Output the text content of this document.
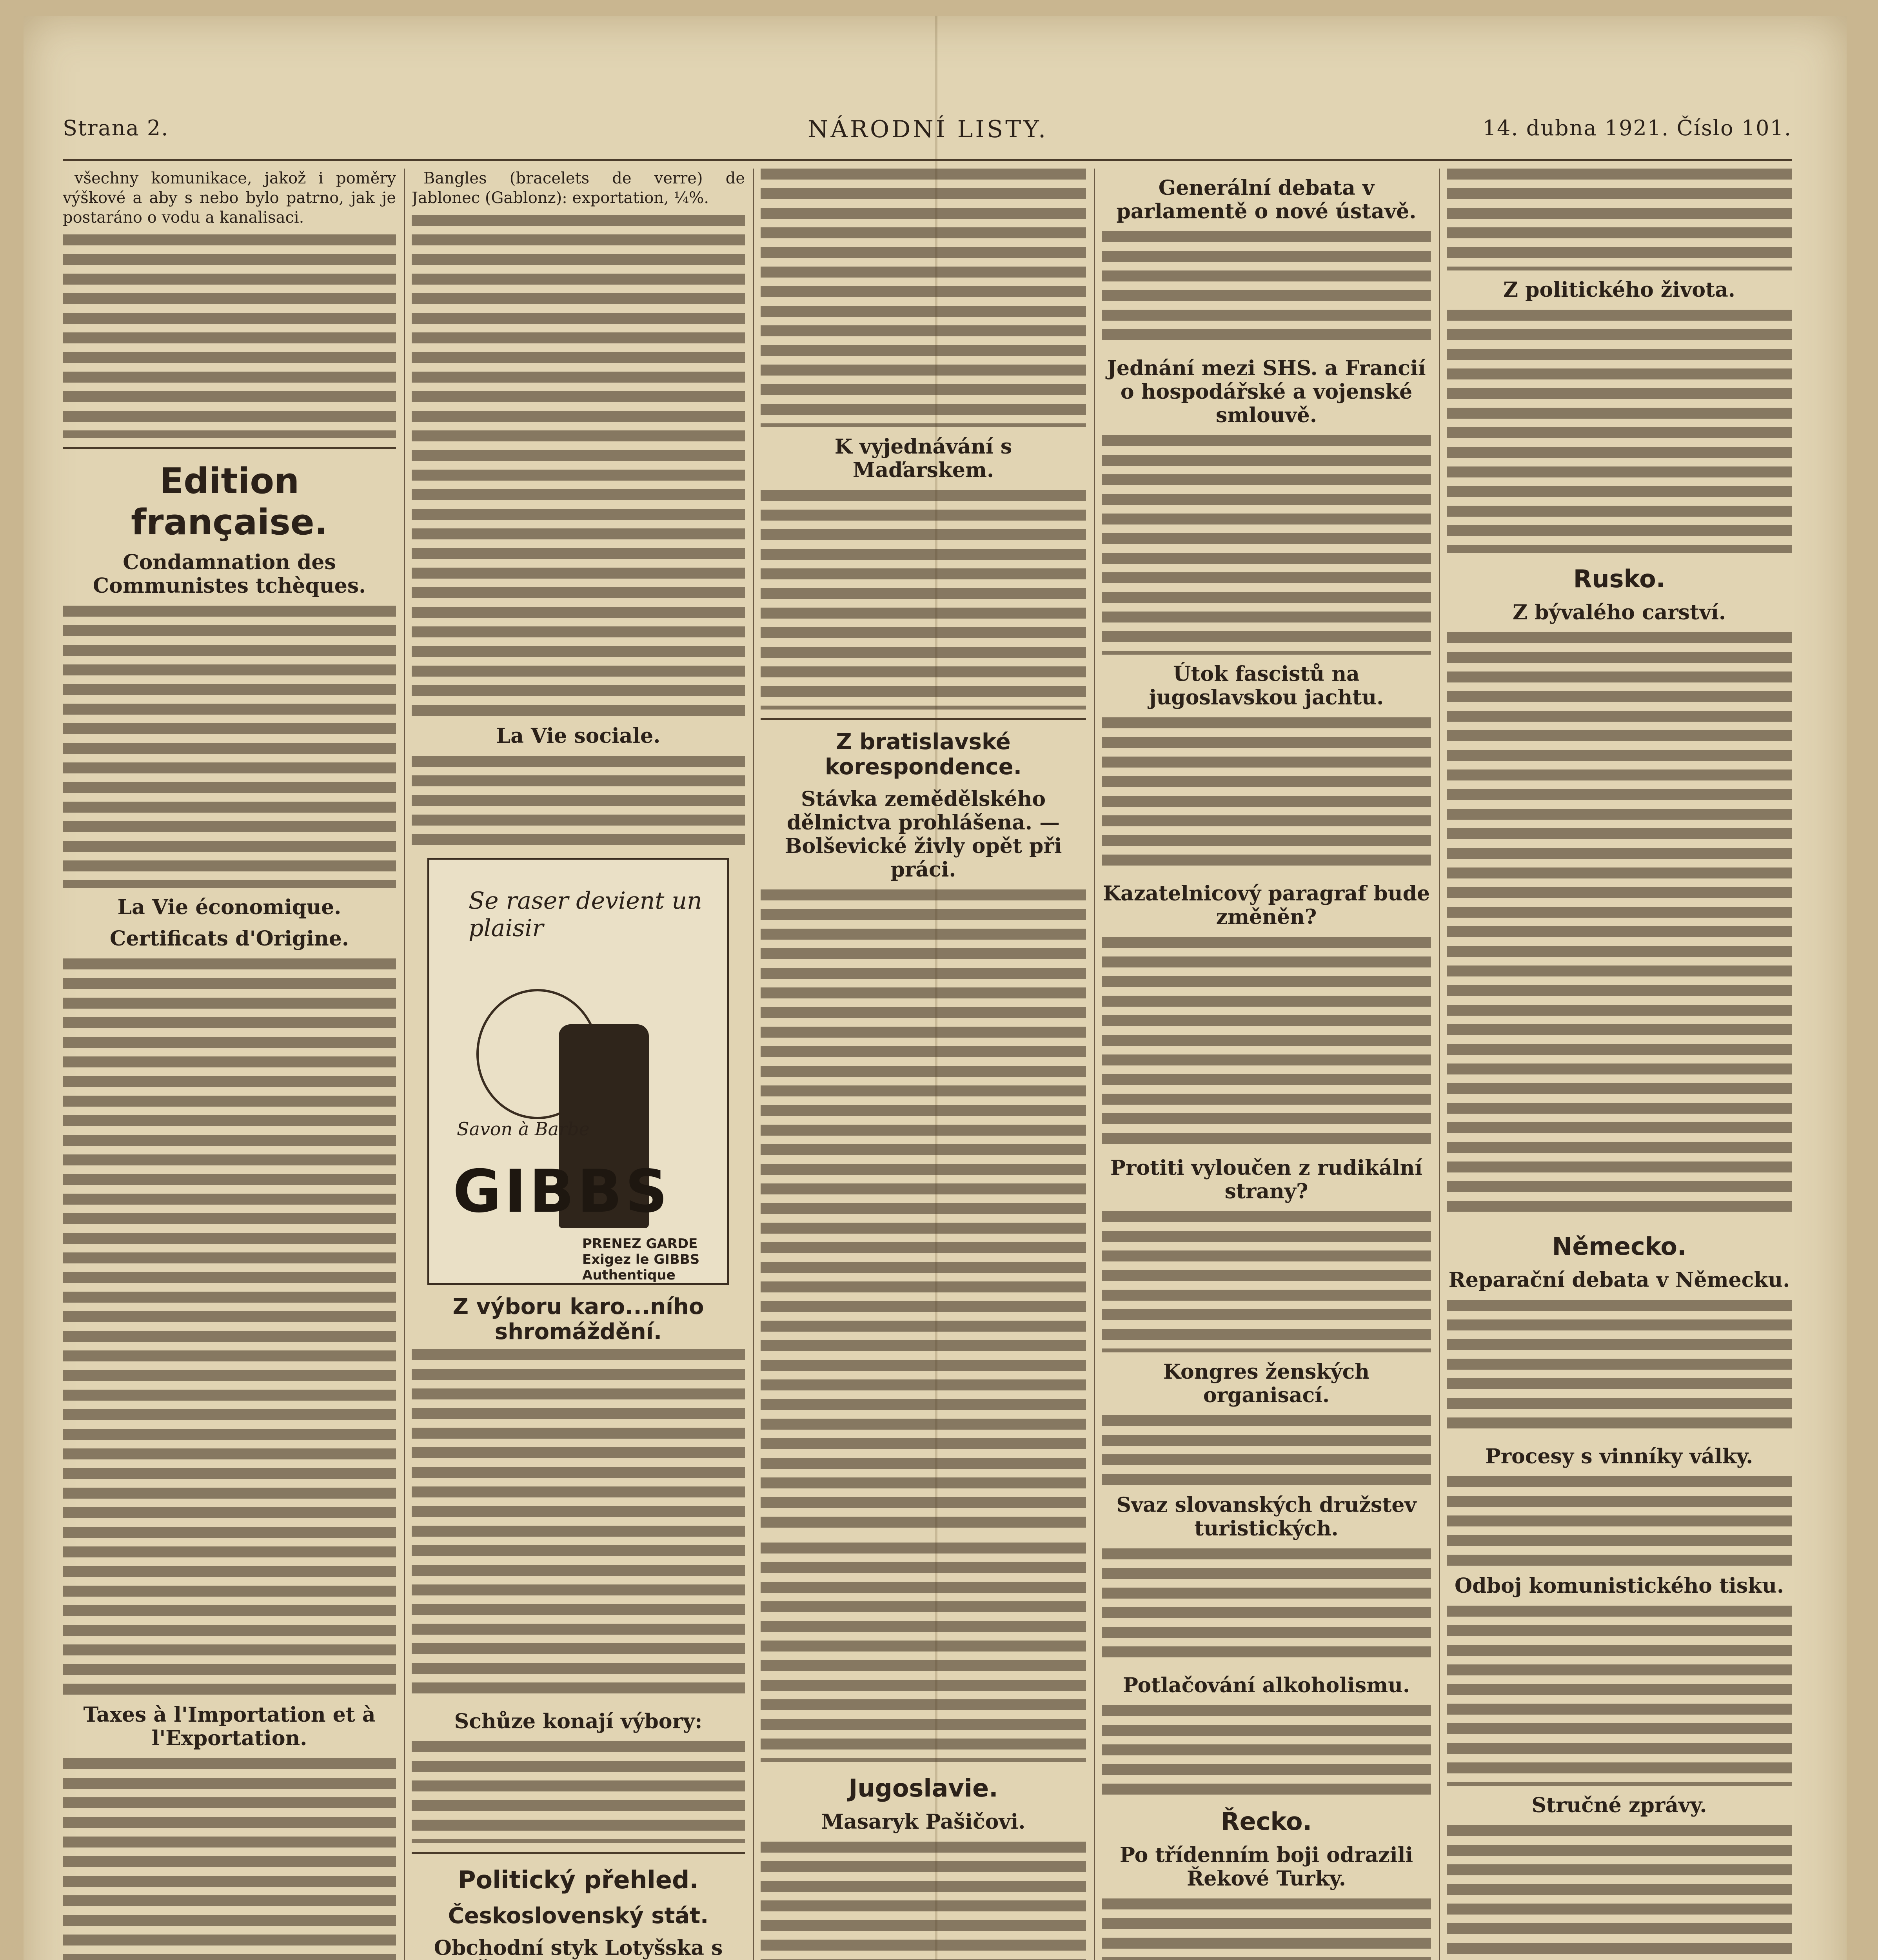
Strana 2.	NÁRODNÍ LISTY.	14. dubna 1921. Číslo 101.

všechny komunikace, jakož i poměry výškové a aby s nebo bylo patrno, jak je postaráno o vodu a kanalisaci.

Edition française.
Condamnation des Communistes tchèques.
La Vie économique.
Certificats d'Origine.
Taxes à l'Importation et à l'Exportation.

Bangles (bracelets de verre) de Jablonec (Gablonz): exportation, ¼%.

La Vie sociale.
Se raser devient un plaisir
Savon à Barbe
GIBBS
PRENEZ GARDE Exigez le GIBBS Authentique
Z výboru karo...ního shromáždění.
Schůze konají výbory:
Politický přehled.
Československý stát.
Obchodní styk Lotyšska s
K vyjednávání s Maďarskem.
Z bratislavské korespondence.
Stávka zemědělského dělnictva prohlášena. — Bolševické živly opět při práci.
Jugoslavie.
Masaryk Pašičovi.
Generální debata v parlamentě o nové ústavě.
Jednání mezi SHS. a Francií o hospodářské a vojenské smlouvě.
Útok fascistů na jugoslavskou jachtu.
Kazatelnicový paragraf bude změněn?
Protiti vyloučen z rudikální strany?
Kongres ženských organisací.
Svaz slovanských družstev turistických.
Potlačování alkoholismu.
Řecko.
Po třídenním boji odrazili Řekové Turky.
Z politického života.
Rusko.
Z bývalého carství.
Německo.
Reparační debata v Německu.
Procesy s vinníky války.
Odboj komunistického tisku.
Stručné zprávy.
